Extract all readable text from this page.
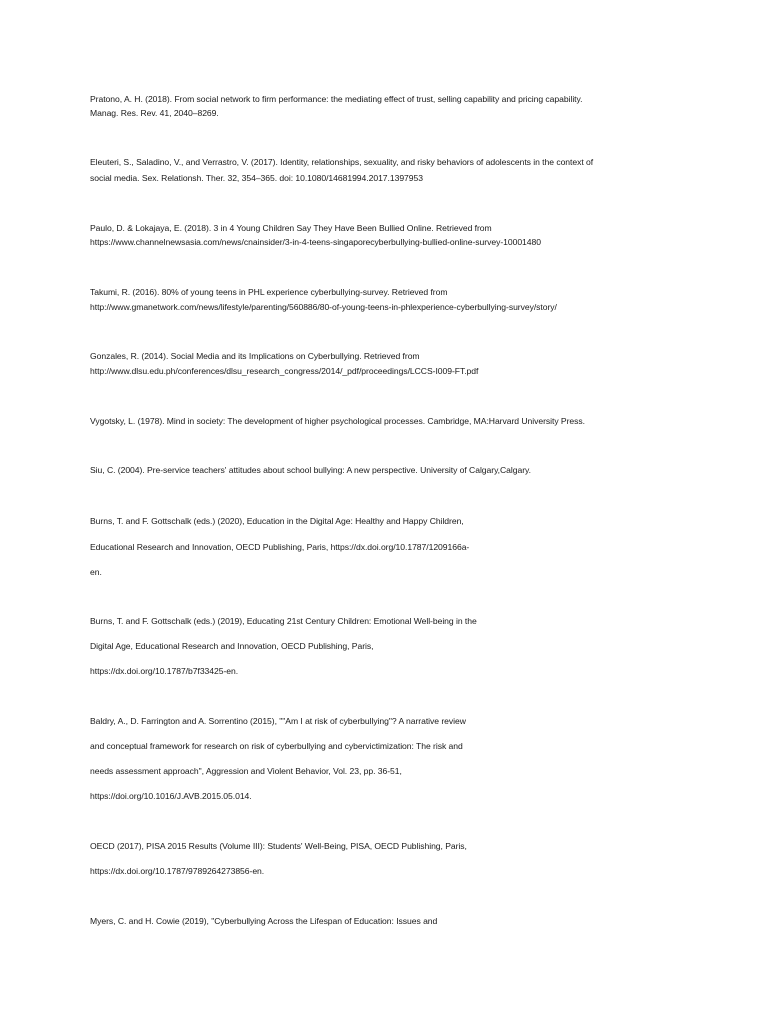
Pratono, A. H. (2018). From social network to firm performance: the mediating effect of trust, selling capability and pricing capability.
Manag. Res. Rev. 41, 2040–8269.
Eleuteri, S., Saladino, V., and Verrastro, V. (2017). Identity, relationships, sexuality, and risky behaviors of adolescents in the context of
social media. Sex. Relationsh. Ther. 32, 354–365. doi: 10.1080/14681994.2017.1397953
Paulo, D. & Lokajaya, E. (2018). 3 in 4 Young Children Say They Have Been Bullied Online. Retrieved from
https://www.channelnewsasia.com/news/cnainsider/3-in-4-teens-singaporecyberbullying-bullied-online-survey-10001480
Takumi, R. (2016). 80% of young teens in PHL experience cyberbullying-survey. Retrieved from
http://www.gmanetwork.com/news/lifestyle/parenting/560886/80-of-young-teens-in-phlexperience-cyberbullying-survey/story/
Gonzales, R. (2014). Social Media and its Implications on Cyberbullying. Retrieved from
http://www.dlsu.edu.ph/conferences/dlsu_research_congress/2014/_pdf/proceedings/LCCS-I009-FT.pdf
Vygotsky, L. (1978). Mind in society: The development of higher psychological processes. Cambridge, MA:Harvard University Press.
Siu, C. (2004). Pre-service teachers' attitudes about school bullying: A new perspective. University of Calgary,Calgary.
Burns, T. and F. Gottschalk (eds.) (2020), Education in the Digital Age: Healthy and Happy Children,
Educational Research and Innovation, OECD Publishing, Paris, https://dx.doi.org/10.1787/1209166a-
en.
Burns, T. and F. Gottschalk (eds.) (2019), Educating 21st Century Children: Emotional Well-being in the
Digital Age, Educational Research and Innovation, OECD Publishing, Paris,
https://dx.doi.org/10.1787/b7f33425-en.
Baldry, A., D. Farrington and A. Sorrentino (2015), ""Am I at risk of cyberbullying"? A narrative review
and conceptual framework for research on risk of cyberbullying and cybervictimization: The risk and
needs assessment approach", Aggression and Violent Behavior, Vol. 23, pp. 36-51,
https://doi.org/10.1016/J.AVB.2015.05.014.
OECD (2017), PISA 2015 Results (Volume III): Students' Well-Being, PISA, OECD Publishing, Paris,
https://dx.doi.org/10.1787/9789264273856-en.
Myers, C. and H. Cowie (2019), "Cyberbullying Across the Lifespan of Education: Issues and
